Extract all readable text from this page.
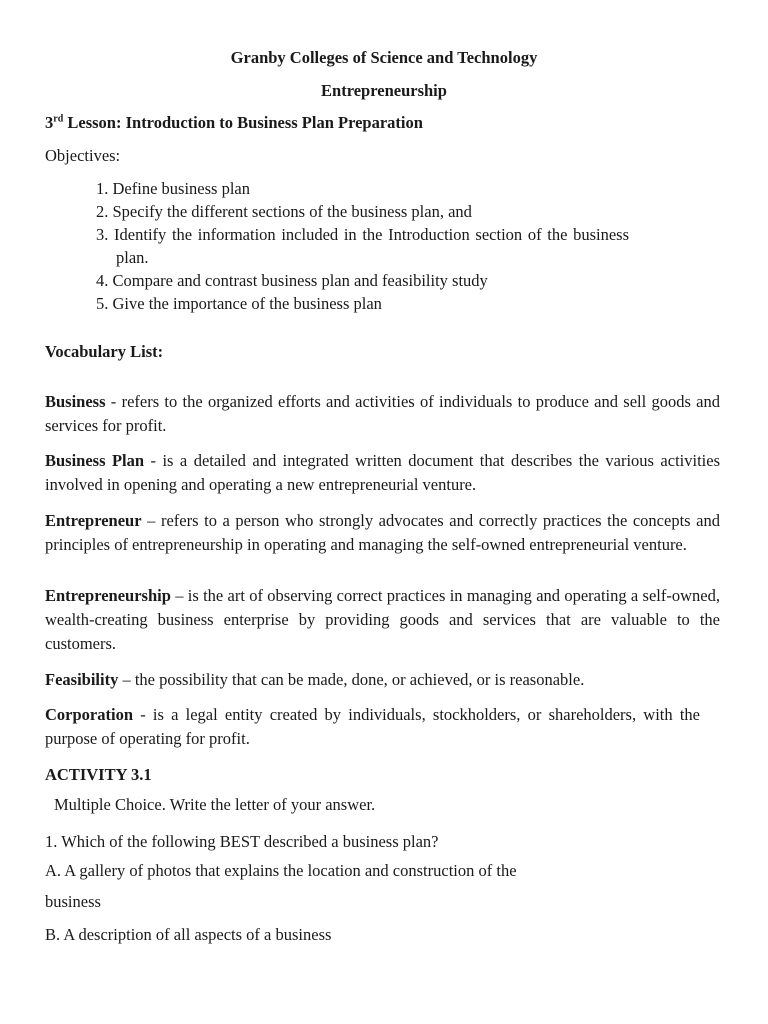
Granby Colleges of Science and Technology

Entrepreneurship

3rd Lesson: Introduction to Business Plan Preparation

Objectives:

1. Define business plan
2. Specify the different sections of the business plan, and
3. Identify the information included in the Introduction section of the business plan.
4. Compare and contrast business plan and feasibility study
5. Give the importance of the business plan

Vocabulary List:

Business - refers to the organized efforts and activities of individuals to produce and sell goods and services for profit.

Business Plan - is a detailed and integrated written document that describes the various activities involved in opening and operating a new entrepreneurial venture.

Entrepreneur – refers to a person who strongly advocates and correctly practices the concepts and principles of entrepreneurship in operating and managing the self-owned entrepreneurial venture.

Entrepreneurship – is the art of observing correct practices in managing and operating a self-owned, wealth-creating business enterprise by providing goods and services that are valuable to the customers.

Feasibility – the possibility that can be made, done, or achieved, or is reasonable.

Corporation - is a legal entity created by individuals, stockholders, or shareholders, with the purpose of operating for profit.

ACTIVITY 3.1

Multiple Choice. Write the letter of your answer.

1. Which of the following BEST described a business plan?

A. A gallery of photos that explains the location and construction of the

business

B. A description of all aspects of a business
